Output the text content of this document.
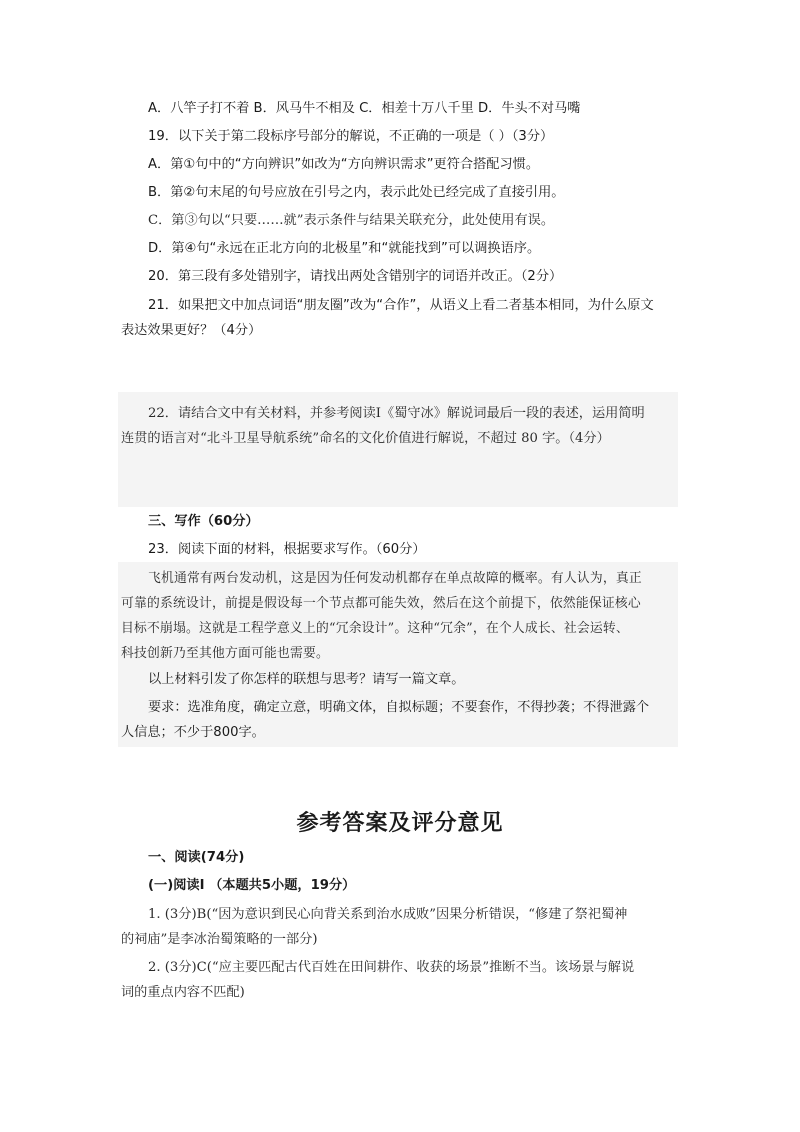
A．八竿子打不着 B．风马牛不相及 C．相差十万八千里 D．牛头不对马嘴
19．以下关于第二段标序号部分的解说，不正确的一项是（ ）（3分）
A．第①句中的“方向辨识”如改为“方向辨识需求”更符合搭配习惯。
B．第②句末尾的句号应放在引号之内，表示此处已经完成了直接引用。
C．第③句以“只要……就”表示条件与结果关联充分，此处使用有误。
D．第④句“永远在正北方向的北极星”和“就能找到”可以调换语序。
20．第三段有多处错别字，请找出两处含错别字的词语并改正。（2分）
21．如果把文中加点词语“朋友圈”改为“合作”，从语义上看二者基本相同，为什么原文
表达效果更好？（4分）
22．请结合文中有关材料，并参考阅读Ⅰ《蜀守冰》解说词最后一段的表述，运用简明
连贯的语言对“北斗卫星导航系统”命名的文化价值进行解说，不超过 80 字。（4分）
三、写作（60分）
23．阅读下面的材料，根据要求写作。（60分）
飞机通常有两台发动机，这是因为任何发动机都存在单点故障的概率。有人认为，真正
可靠的系统设计，前提是假设每一个节点都可能失效，然后在这个前提下，依然能保证核心
目标不崩塌。这就是工程学意义上的“冗余设计”。这种“冗余”，在个人成长、社会运转、
科技创新乃至其他方面可能也需要。
以上材料引发了你怎样的联想与思考？请写一篇文章。
要求：选准角度，确定立意，明确文体，自拟标题；不要套作，不得抄袭；不得泄露个
人信息；不少于800字。
参考答案及评分意见
一、阅读(74分)
(一)阅读Ⅰ （本题共5小题，19分）
1. (3分)B(“因为意识到民心向背关系到治水成败”因果分析错误，“修建了祭祀蜀神
的祠庙”是李冰治蜀策略的一部分)
2. (3分)C(“应主要匹配古代百姓在田间耕作、收获的场景”推断不当。该场景与解说
词的重点内容不匹配)
